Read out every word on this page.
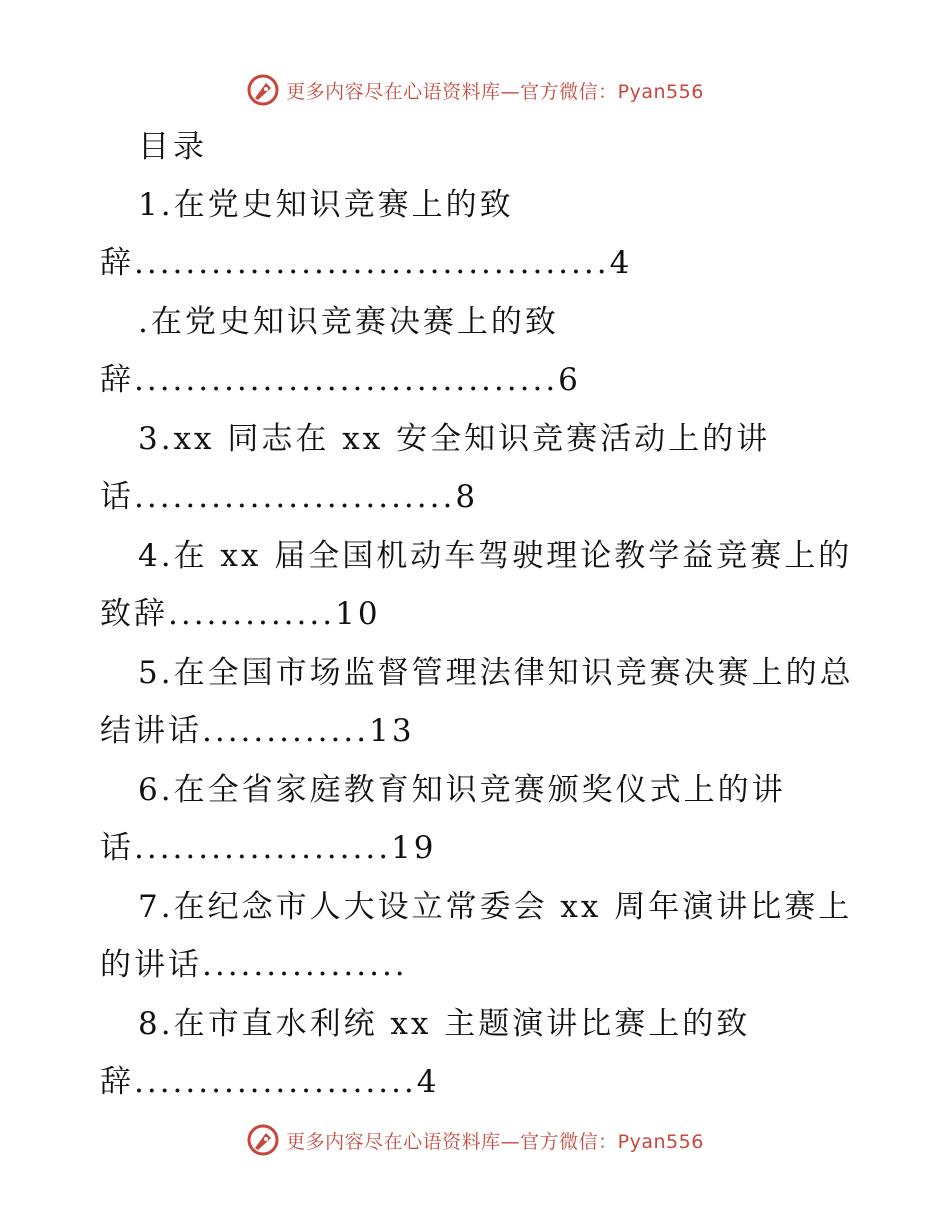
更多内容尽在心语资料库—官方微信：Pyan556
目录
1.在党史知识竞赛上的致
辞.....................................4
.在党史知识竞赛决赛上的致
辞.................................6
3.xx 同志在 xx 安全知识竞赛活动上的讲
话.........................8
4.在 xx 届全国机动车驾驶理论教学益竞赛上的
致辞.............10
5.在全国市场监督管理法律知识竞赛决赛上的总
结讲话.............13
6.在全省家庭教育知识竞赛颁奖仪式上的讲
话....................19
7.在纪念市人大设立常委会 xx 周年演讲比赛上
的讲话................
8.在市直水利统 xx 主题演讲比赛上的致
辞......................4
更多内容尽在心语资料库—官方微信：Pyan556
